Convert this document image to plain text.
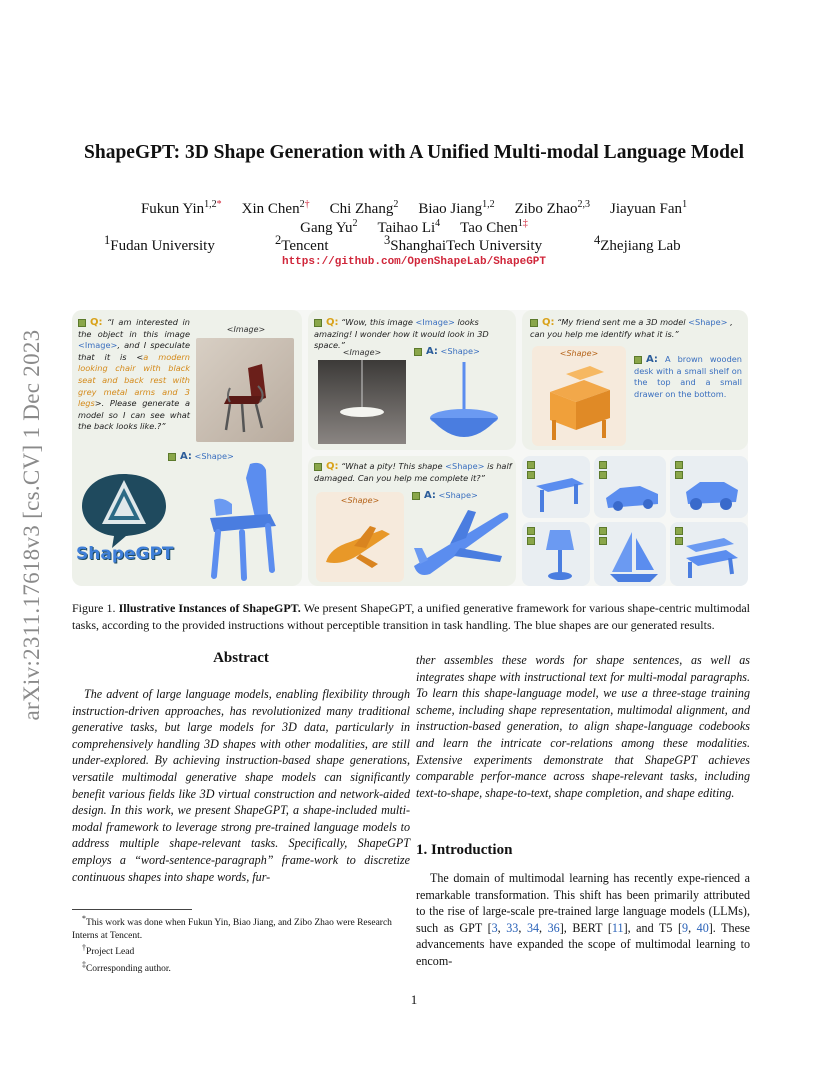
arXiv:2311.17618v3 [cs.CV] 1 Dec 2023
ShapeGPT: 3D Shape Generation with A Unified Multi-modal Language Model
Fukun Yin$^{1,2*}$ Xin Chen$^{2\dagger}$ Chi Zhang$^2$ Biao Jiang$^{1,2}$ Zibo Zhao$^{2,3}$ Jiayuan Fan$^1$
Gang Yu$^2$ Taihao Li$^4$ Tao Chen$^{1\ddagger}$
$^1$Fudan University	$^2$Tencent	$^3$ShanghaiTech University	$^4$Zhejiang Lab
https://github.com/OpenShapeLab/ShapeGPT
Q: “I am interested in the object in this image <Image>, and I speculate that it is <a modern looking chair with black seat and back rest with grey metal arms and 3 legs>. Please generate a model so I can see what the back looks like.?”
<Image>
A: <Shape>
ShapeGPT
Q: “Wow, this image <Image> looks amazing! I wonder how it would look in 3D space.”
<Image>	A: <Shape>
Q: “My friend sent me a 3D model <Shape> , can you help me identify what it is.”
<Shape>
A: A brown wooden desk with a small shelf on the top and a small drawer on the bottom.
Q: “What a pity! This shape <Shape> is half damaged. Can you help me complete it?”
<Shape>	A: <Shape>
Figure 1. Illustrative Instances of ShapeGPT. We present ShapeGPT, a unified generative framework for various shape-centric multimodal tasks, according to the provided instructions without perceptible transition in task handling. The blue shapes are our generated results.
Abstract
The advent of large language models, enabling flexibility through instruction-driven approaches, has revolutionized many traditional generative tasks, but large models for 3D data, particularly in comprehensively handling 3D shapes with other modalities, are still under-explored. By achieving instruction-based shape generations, versatile multimodal generative shape models can significantly benefit various fields like 3D virtual construction and network-aided design. In this work, we present ShapeGPT, a shape-included multi-modal framework to leverage strong pre-trained language models to address multiple shape-relevant tasks. Specifically, ShapeGPT employs a “word-sentence-paragraph” frame-work to discretize continuous shapes into shape words, fur-
*This work was done when Fukun Yin, Biao Jiang, and Zibo Zhao were Research Interns at Tencent.
†Project Lead
‡Corresponding author.
ther assembles these words for shape sentences, as well as integrates shape with instructional text for multi-modal paragraphs. To learn this shape-language model, we use a three-stage training scheme, including shape representation, multimodal alignment, and instruction-based generation, to align shape-language codebooks and learn the intricate cor-relations among these modalities. Extensive experiments demonstrate that ShapeGPT achieves comparable perfor-mance across shape-relevant tasks, including text-to-shape, shape-to-text, shape completion, and shape editing.
1. Introduction
The domain of multimodal learning has recently expe-rienced a remarkable transformation. This shift has been primarily attributed to the rise of large-scale pre-trained large language models (LLMs), such as GPT [3, 33, 34, 36], BERT [11], and T5 [9, 40]. These advancements have expanded the scope of multimodal learning to encom-
1
